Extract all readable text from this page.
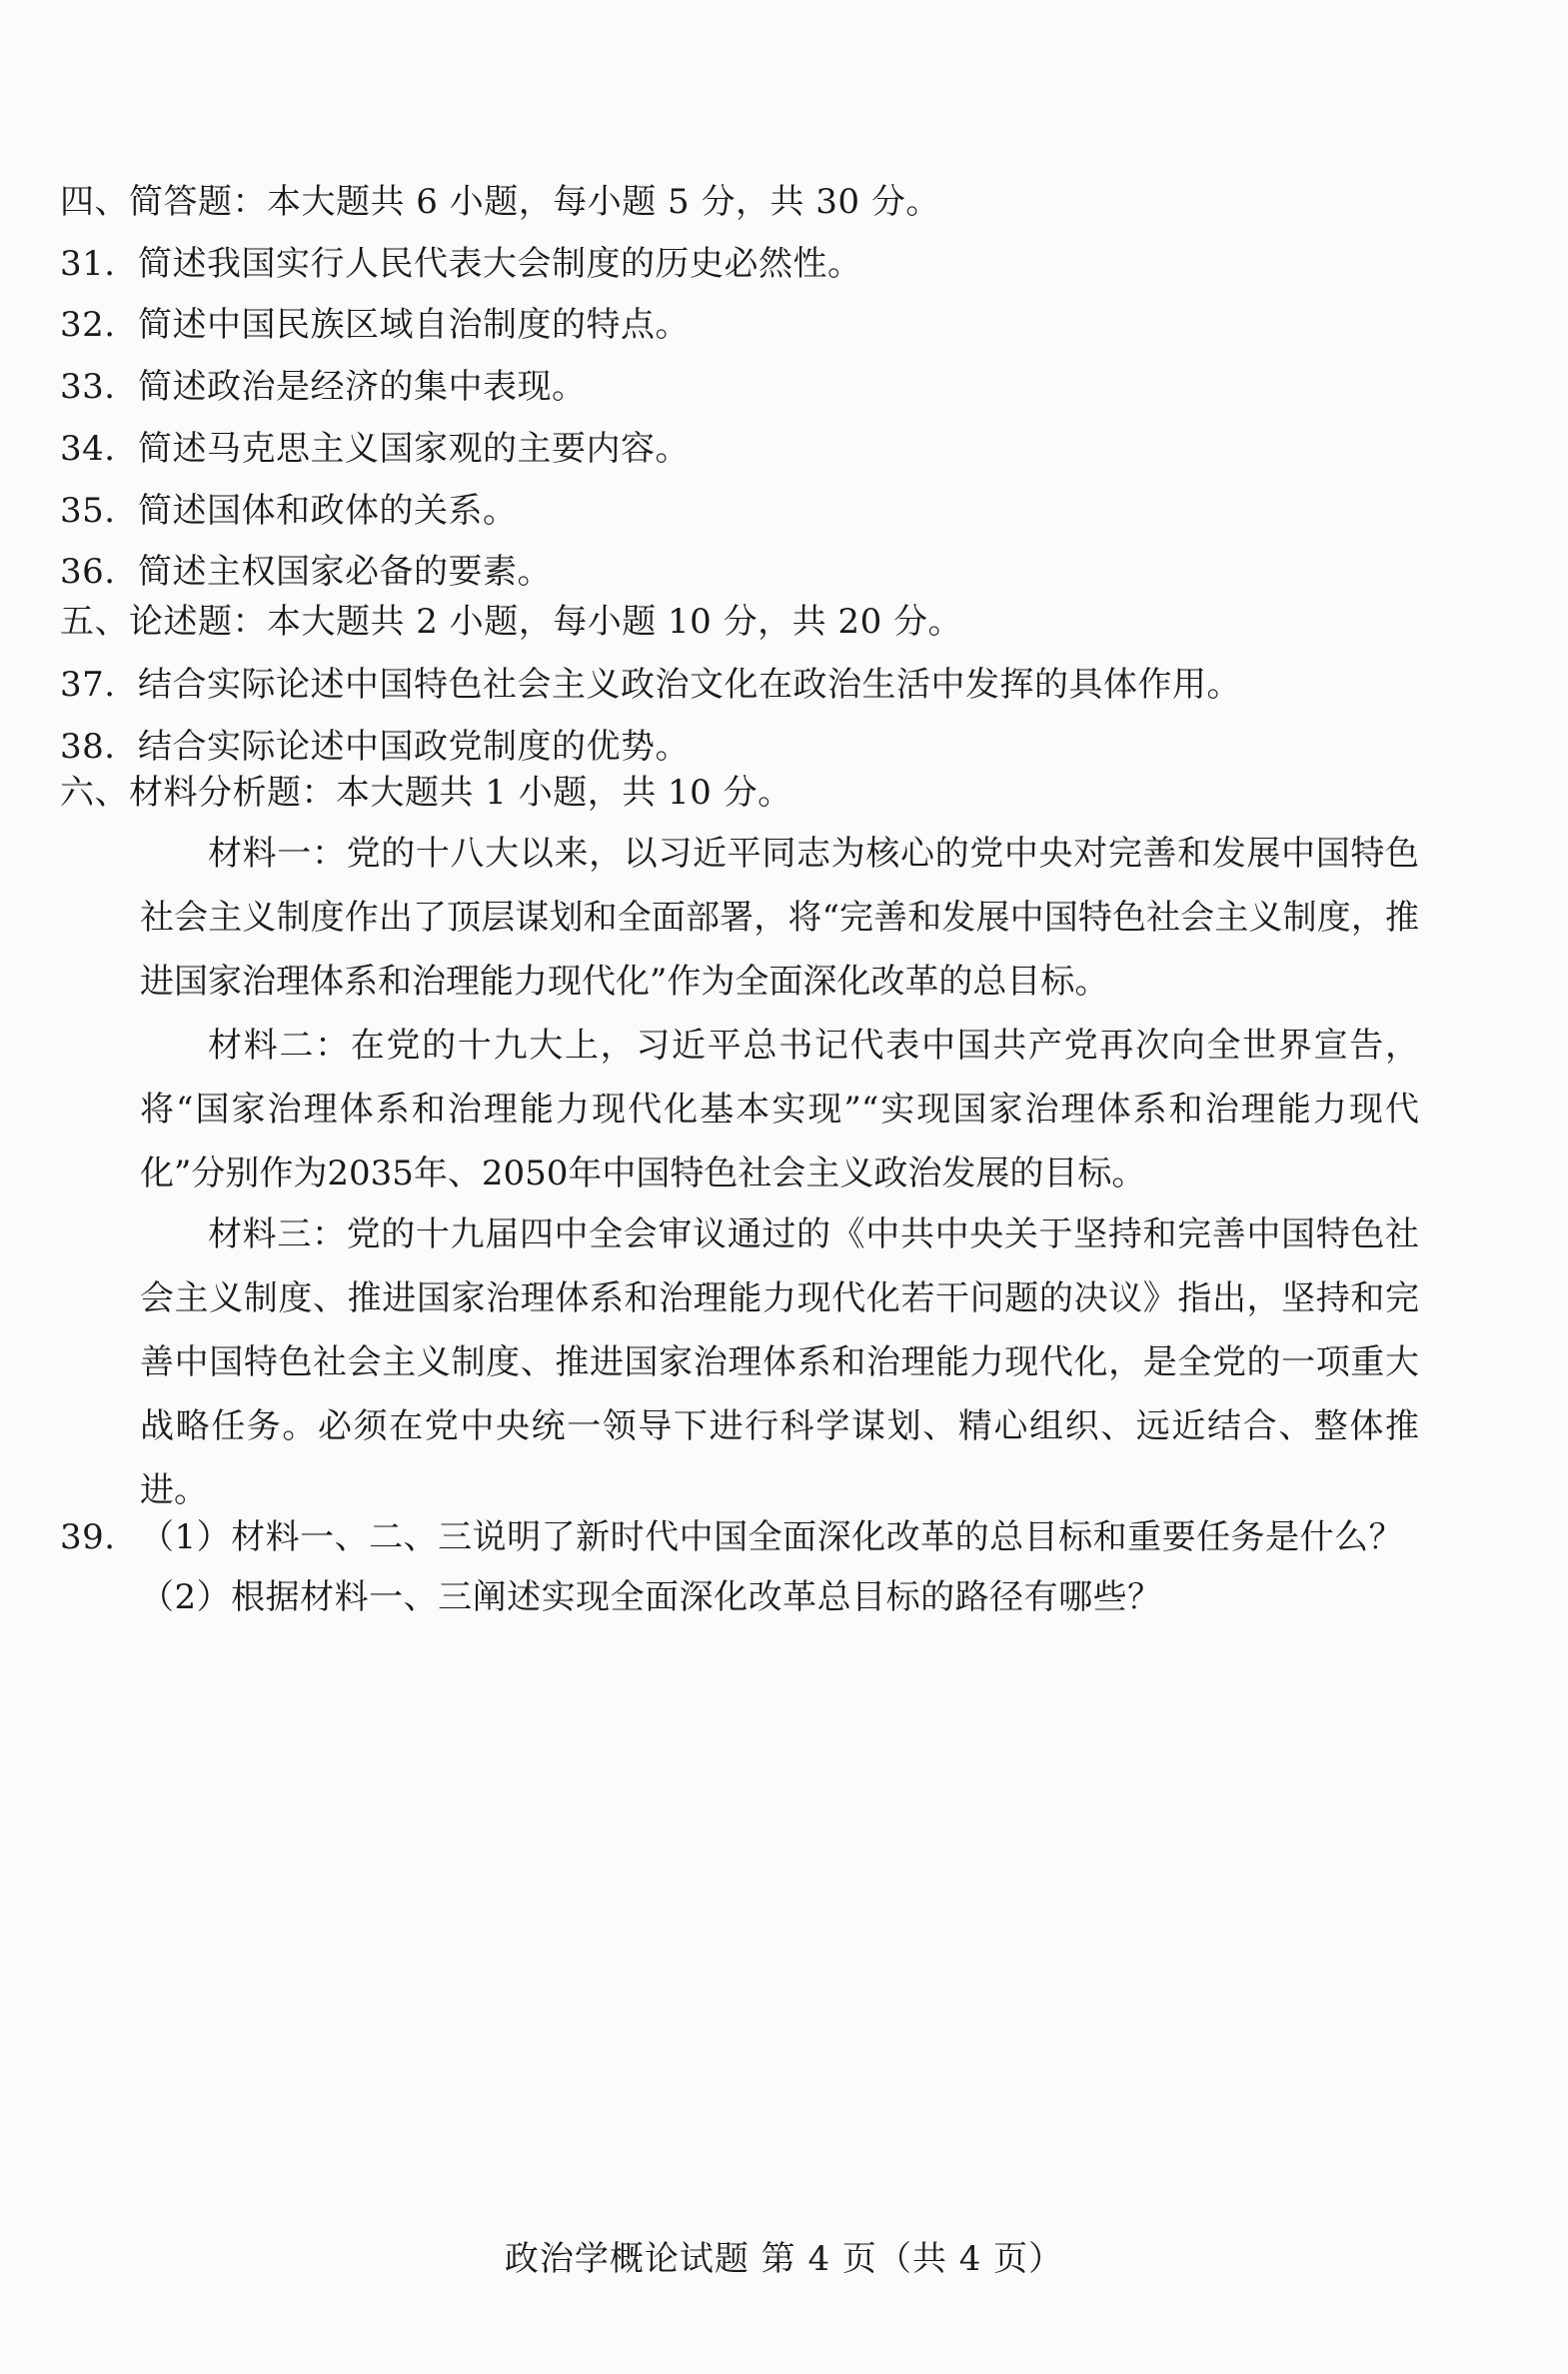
四、简答题：本大题共 6 小题，每小题 5 分，共 30 分。
31. 简述我国实行人民代表大会制度的历史必然性。
32. 简述中国民族区域自治制度的特点。
33. 简述政治是经济的集中表现。
34. 简述马克思主义国家观的主要内容。
35. 简述国体和政体的关系。
36. 简述主权国家必备的要素。
五、论述题：本大题共 2 小题，每小题 10 分，共 20 分。
37. 结合实际论述中国特色社会主义政治文化在政治生活中发挥的具体作用。
38. 结合实际论述中国政党制度的优势。
六、材料分析题：本大题共 1 小题，共 10 分。
材料一：党的十八大以来，以习近平同志为核心的党中央对完善和发展中国特色社会主义制度作出了顶层谋划和全面部署，将“完善和发展中国特色社会主义制度，推进国家治理体系和治理能力现代化”作为全面深化改革的总目标。
材料二：在党的十九大上，习近平总书记代表中国共产党再次向全世界宣告，将“国家治理体系和治理能力现代化基本实现”“实现国家治理体系和治理能力现代化”分别作为2035年、2050年中国特色社会主义政治发展的目标。
材料三：党的十九届四中全会审议通过的《中共中央关于坚持和完善中国特色社会主义制度、推进国家治理体系和治理能力现代化若干问题的决议》指出，坚持和完善中国特色社会主义制度、推进国家治理体系和治理能力现代化，是全党的一项重大战略任务。必须在党中央统一领导下进行科学谋划、精心组织、远近结合、整体推进。
39. （1）材料一、二、三说明了新时代中国全面深化改革的总目标和重要任务是什么？
（2）根据材料一、三阐述实现全面深化改革总目标的路径有哪些？
政治学概论试题 第 4 页（共 4 页）
